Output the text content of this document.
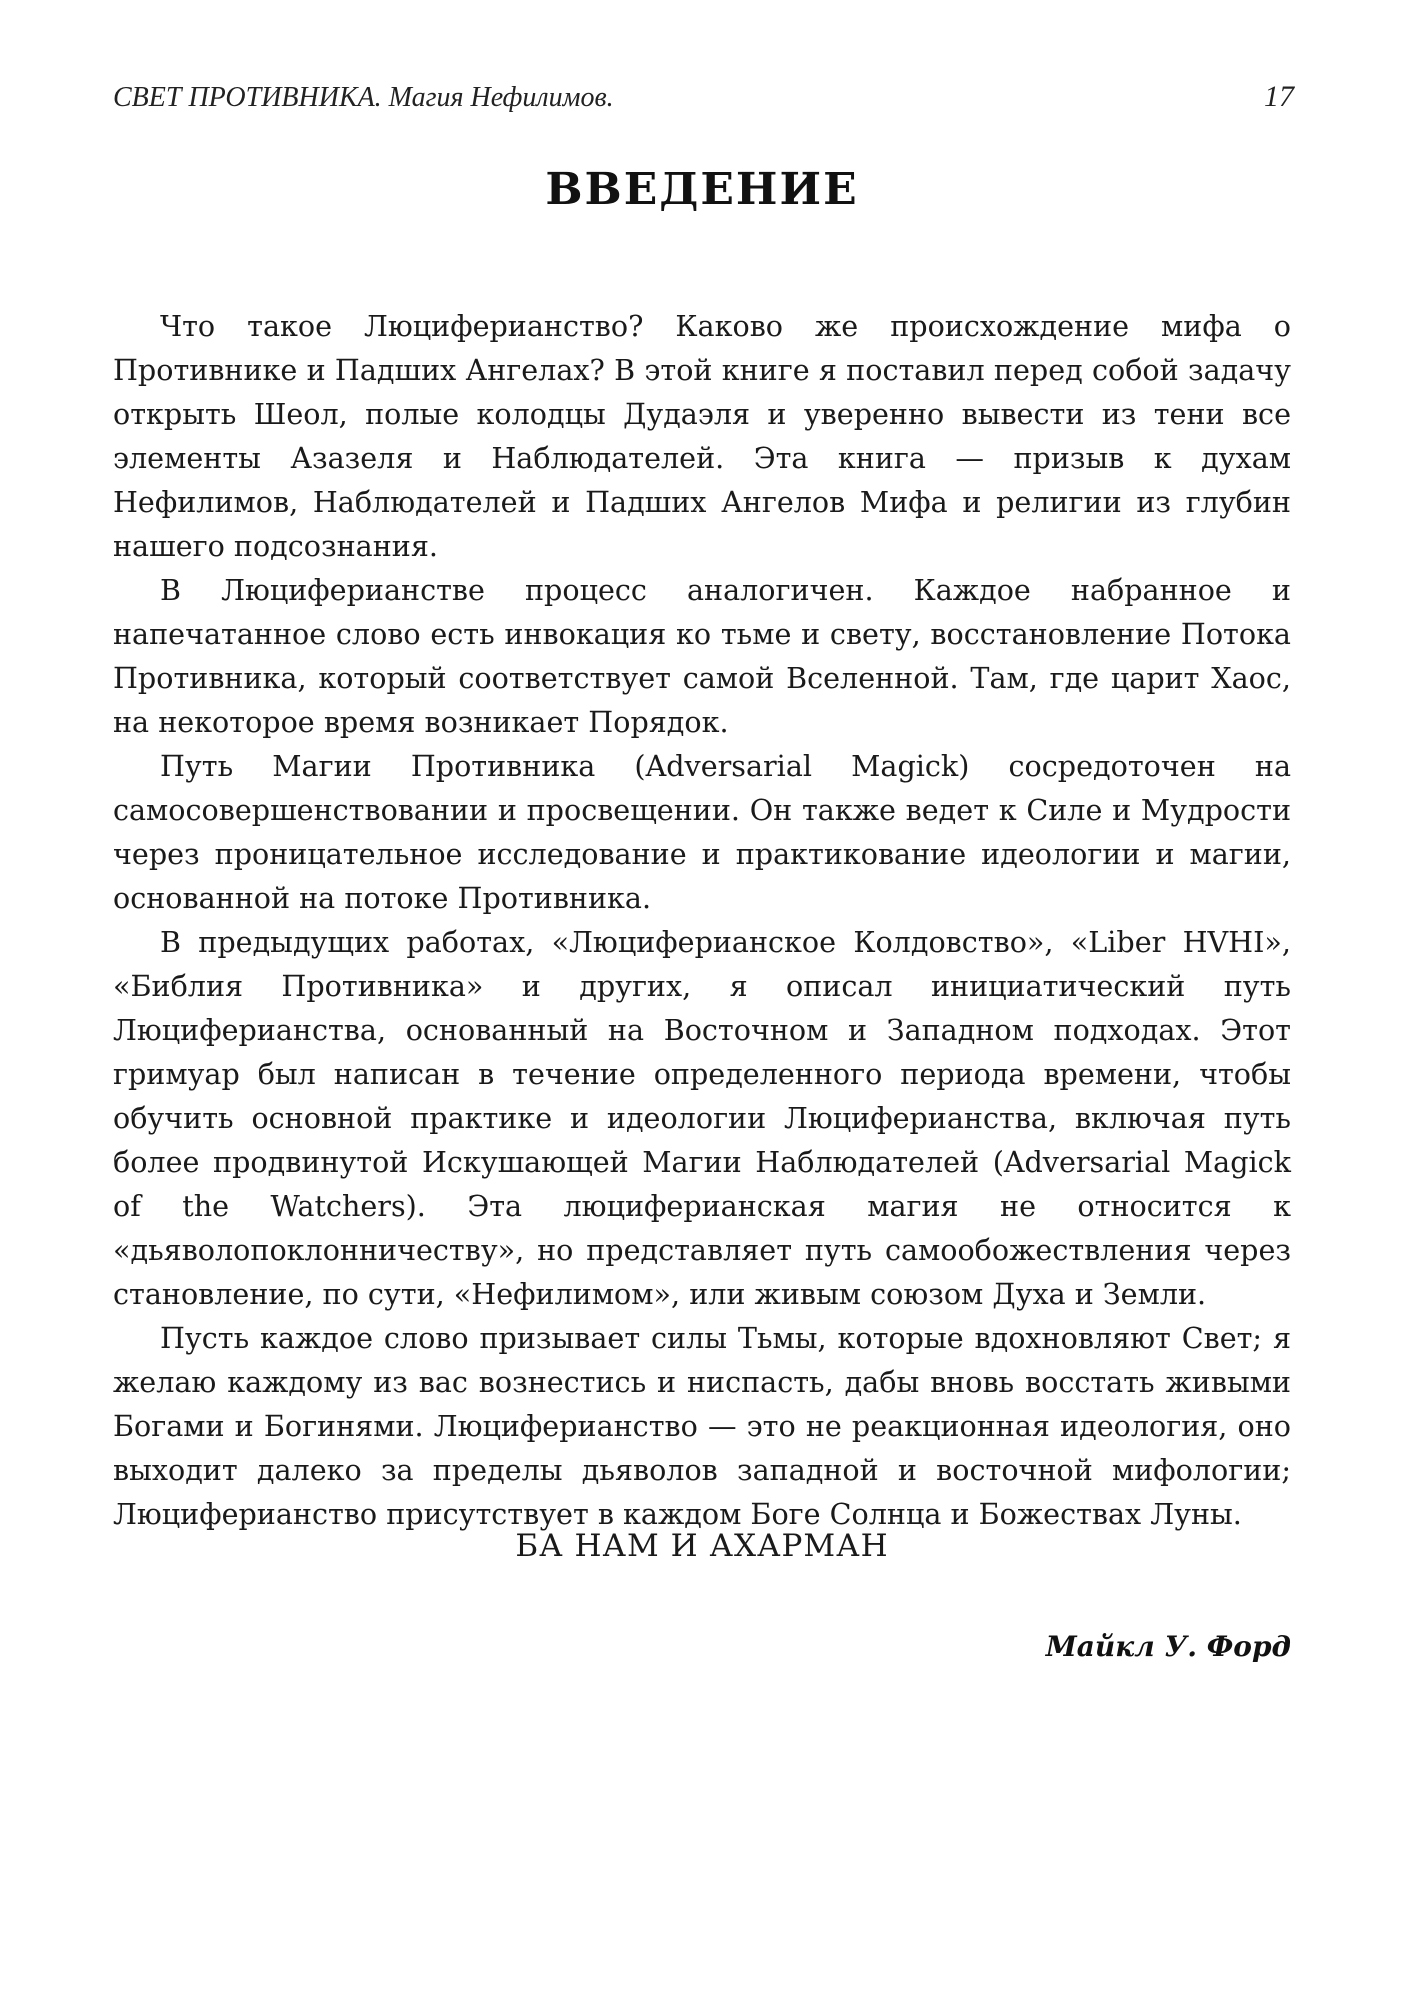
СВЕТ ПРОТИВНИКА. Магия Нефилимов.	17
ВВЕДЕНИЕ

Что такое Люциферианство? Каково же происхождение мифа о Противнике и Падших Ангелах? В этой книге я поставил перед собой задачу открыть Шеол, полые колодцы Дудаэля и уверенно вывести из тени все элементы Азазеля и Наблюдателей. Эта книга — призыв к духам Нефилимов, Наблюдателей и Падших Ангелов Мифа и религии из глубин нашего подсознания.

В Люциферианстве процесс аналогичен. Каждое набранное и напечатанное слово есть инвокация ко тьме и свету, восстановление Потока Противника, который соответствует самой Вселенной. Там, где царит Хаос, на некоторое время возникает Порядок.

Путь Магии Противника (Adversarial Magick) сосредоточен на самосовершенствовании и просвещении. Он также ведет к Силе и Мудрости через проницательное исследование и практикование идеологии и магии, основанной на потоке Противника.

В предыдущих работах, «Люциферианское Колдовство», «Liber HVHI», «Библия Противника» и других, я описал инициатический путь Люциферианства, основанный на Восточном и Западном подходах. Этот гримуар был написан в течение определенного периода времени, чтобы обучить основной практике и идеологии Люциферианства, включая путь более продвинутой Искушающей Магии Наблюдателей (Adversarial Magick of the Watchers). Эта люциферианская магия не относится к «дьяволопоклонничеству», но представляет путь самообожествления через становление, по сути, «Нефилимом», или живым союзом Духа и Земли.

Пусть каждое слово призывает силы Тьмы, которые вдохновляют Свет; я желаю каждому из вас вознестись и ниспасть, дабы вновь восстать живыми Богами и Богинями. Люциферианство — это не реакционная идеология, оно выходит далеко за пределы дьяволов западной и восточной мифологии; Люциферианство присутствует в каждом Боге Солнца и Божествах Луны.

БА НАМ И АХАРМАН
Майкл У. Форд
